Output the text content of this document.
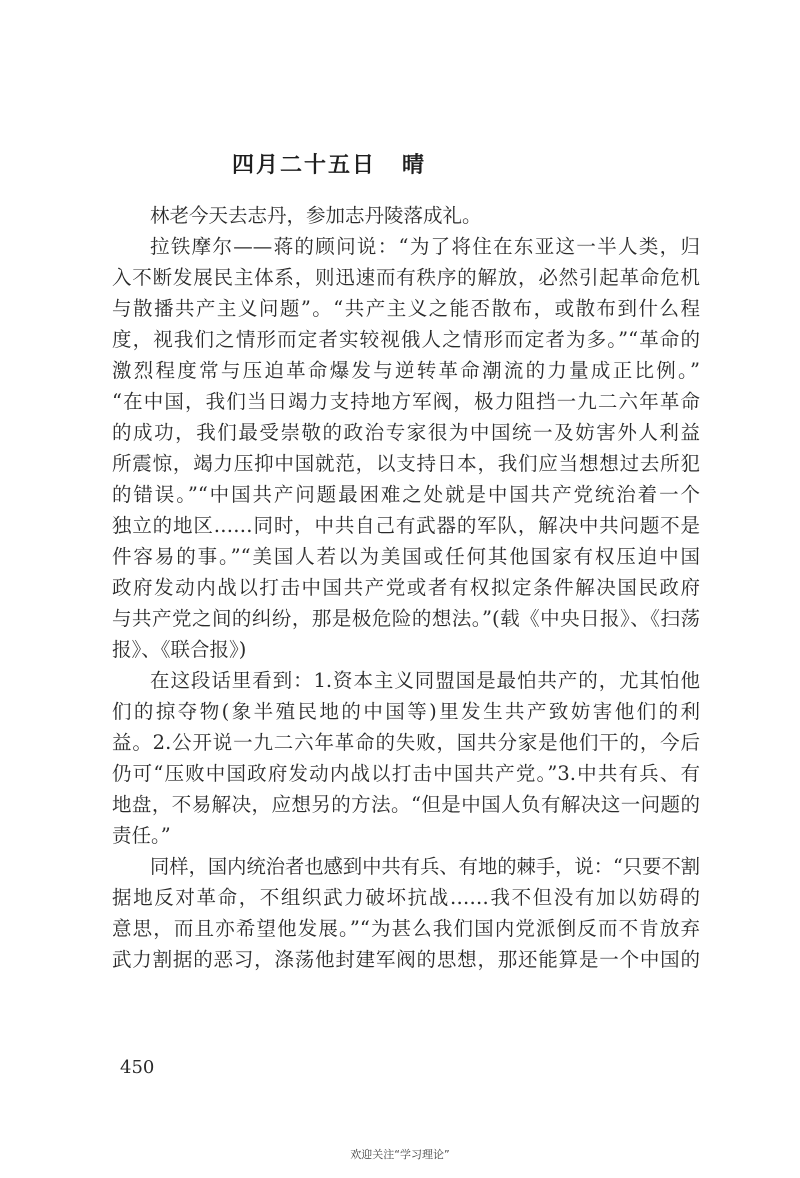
四月二十五日 晴
林老今天去志丹，参加志丹陵落成礼。
拉铁摩尔——蒋的顾问说：“为了将住在东亚这一半人类，归
入不断发展民主体系，则迅速而有秩序的解放，必然引起革命危机
与散播共产主义问题”。“共产主义之能否散布，或散布到什么程
度，视我们之情形而定者实较视俄人之情形而定者为多。”“革命的
激烈程度常与压迫革命爆发与逆转革命潮流的力量成正比例。”
“在中国，我们当日竭力支持地方军阀，极力阻挡一九二六年革命
的成功，我们最受崇敬的政治专家很为中国统一及妨害外人利益
所震惊，竭力压抑中国就范，以支持日本，我们应当想想过去所犯
的错误。”“中国共产问题最困难之处就是中国共产党统治着一个
独立的地区……同时，中共自己有武器的军队，解决中共问题不是
件容易的事。”“美国人若以为美国或任何其他国家有权压迫中国
政府发动内战以打击中国共产党或者有权拟定条件解决国民政府
与共产党之间的纠纷，那是极危险的想法。”(载《中央日报》、《扫荡
报》、《联合报》)
在这段话里看到：1.资本主义同盟国是最怕共产的，尤其怕他
们的掠夺物(象半殖民地的中国等)里发生共产致妨害他们的利
益。2.公开说一九二六年革命的失败，国共分家是他们干的，今后
仍可“压败中国政府发动内战以打击中国共产党。”3.中共有兵、有
地盘，不易解决，应想另的方法。“但是中国人负有解决这一问题的
责任。”
同样，国内统治者也感到中共有兵、有地的棘手，说：“只要不割
据地反对革命，不组织武力破坏抗战……我不但没有加以妨碍的
意思，而且亦希望他发展。”“为甚么我们国内党派倒反而不肯放弃
武力割据的恶习，涤荡他封建军阀的思想，那还能算是一个中国的
450
欢迎关注“学习理论”
